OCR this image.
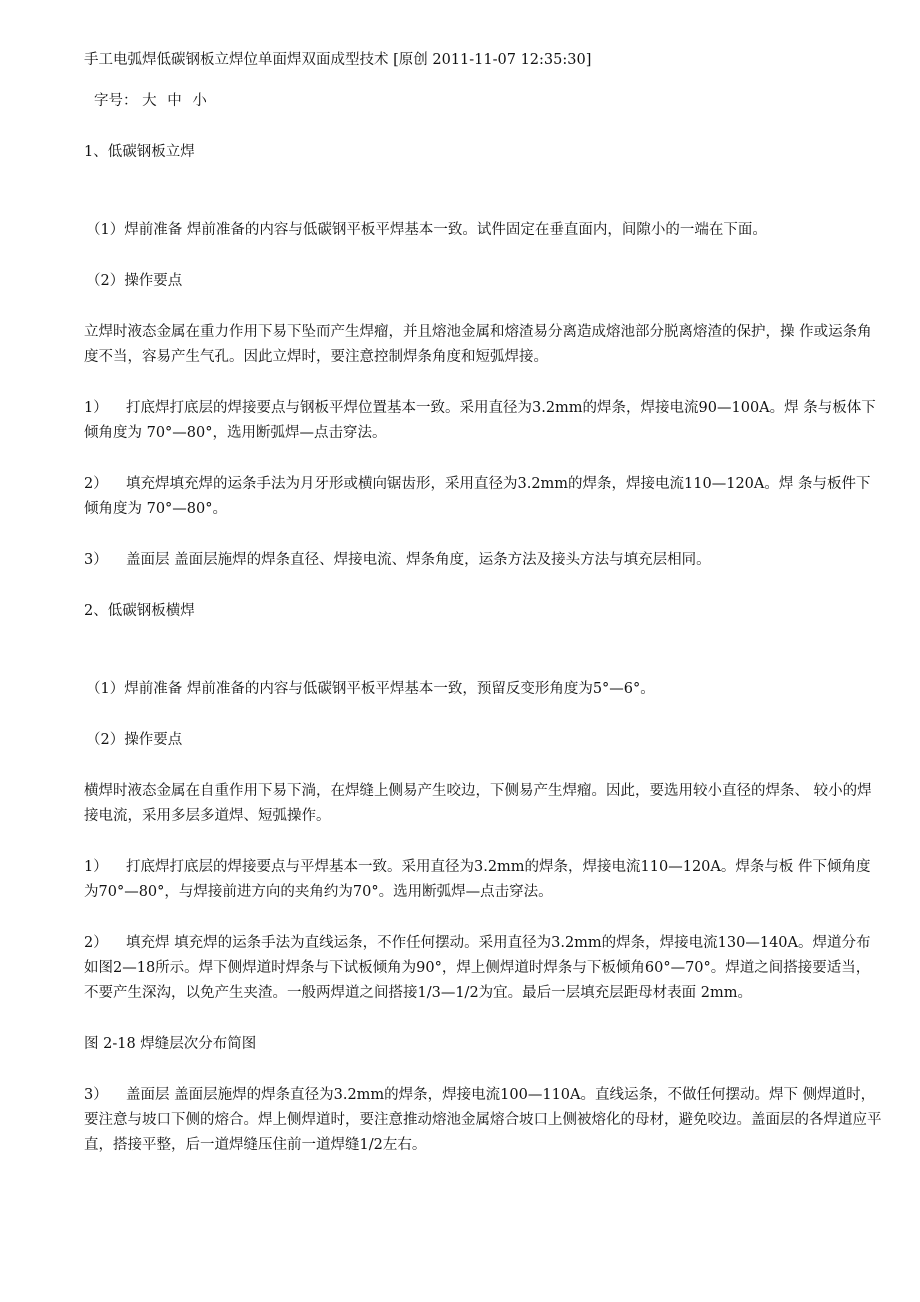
手工电弧焊低碳钢板立焊位单面焊双面成型技术 [原创 2011-11-07 12:35:30]

字号： 大 中 小

1、低碳钢板立焊

（1）焊前准备 焊前准备的内容与低碳钢平板平焊基本一致。试件固定在垂直面内，间隙小的一端在下面。

（2）操作要点

立焊时液态金属在重力作用下易下坠而产生焊瘤，并且熔池金属和熔渣易分离造成熔池部分脱离熔渣的保护，操 作或运条角度不当，容易产生气孔。因此立焊时，要注意控制焊条角度和短弧焊接。

1） 打底焊打底层的焊接要点与钢板平焊位置基本一致。采用直径为3.2mm的焊条，焊接电流90—100A。焊 条与板体下倾角度为 70°—80°，选用断弧焊—点击穿法。

2） 填充焊填充焊的运条手法为月牙形或横向锯齿形，采用直径为3.2mm的焊条，焊接电流110—120A。焊 条与板件下倾角度为 70°—80°。

3） 盖面层 盖面层施焊的焊条直径、焊接电流、焊条角度，运条方法及接头方法与填充层相同。

2、低碳钢板横焊

（1）焊前准备 焊前准备的内容与低碳钢平板平焊基本一致，预留反变形角度为5°—6°。

（2）操作要点

横焊时液态金属在自重作用下易下淌，在焊缝上侧易产生咬边，下侧易产生焊瘤。因此，要选用较小直径的焊条、 较小的焊接电流，采用多层多道焊、短弧操作。

1） 打底焊打底层的焊接要点与平焊基本一致。采用直径为3.2mm的焊条，焊接电流110—120A。焊条与板 件下倾角度为70°—80°，与焊接前进方向的夹角约为70°。选用断弧焊—点击穿法。

2） 填充焊 填充焊的运条手法为直线运条，不作任何摆动。采用直径为3.2mm的焊条，焊接电流130—140A。焊道分布如图2—18所示。焊下侧焊道时焊条与下试板倾角为90°，焊上侧焊道时焊条与下板倾角60°—70°。焊道之间搭接要适当，不要产生深沟，以免产生夹渣。一般两焊道之间搭接1/3—1/2为宜。最后一层填充层距母材表面 2mm。

图 2-18 焊缝层次分布简图

3） 盖面层 盖面层施焊的焊条直径为3.2mm的焊条，焊接电流100—110A。直线运条，不做任何摆动。焊下 侧焊道时，要注意与坡口下侧的熔合。焊上侧焊道时，要注意推动熔池金属熔合坡口上侧被熔化的母材，避免咬边。盖面层的各焊道应平直，搭接平整，后一道焊缝压住前一道焊缝1/2左右。
